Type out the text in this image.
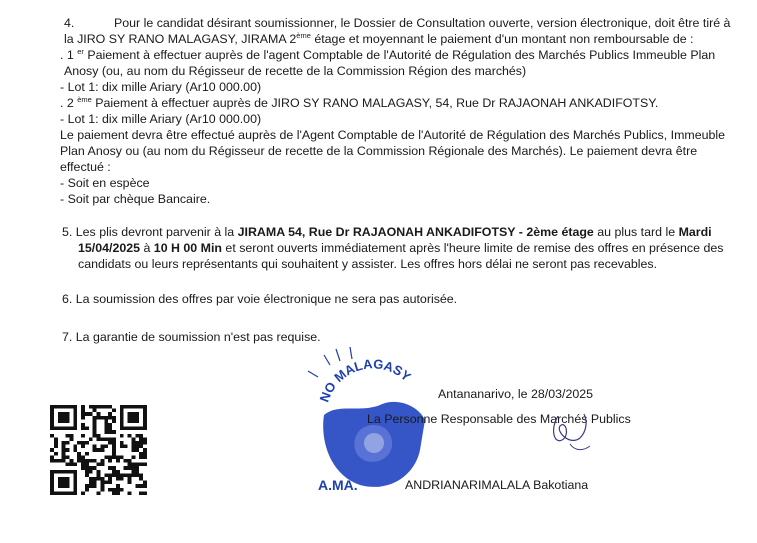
4.	Pour le candidat désirant soumissionner, le Dossier de Consultation ouverte, version électronique, doit être tiré à
la JIRO SY RANO MALAGASY, JIRAMA 2ème étage et moyennant le paiement d'un montant non remboursable de :
. 1 $^{er}$ Paiement à effectuer auprès de l'agent Comptable de l'Autorité de Régulation des Marchés Publics Immeuble Plan
Anosy (ou, au nom du Régisseur de recette de la Commission Région des marchés)
- Lot 1: dix mille Ariary (Ar10 000.00)
. 2 $^{ème}$ Paiement à effectuer auprès de JIRO SY RANO MALAGASY, 54, Rue Dr RAJAONAH ANKADIFOTSY.
- Lot 1: dix mille Ariary (Ar10 000.00)
Le paiement devra être effectué auprès de l'Agent Comptable de l'Autorité de Régulation des Marchés Publics, Immeuble
Plan Anosy ou (au nom du Régisseur de recette de la Commission Régionale des Marchés). Le paiement devra être
effectué :
- Soit en espèce
- Soit par chèque Bancaire.
5. Les plis devront parvenir à la JIRAMA 54, Rue Dr RAJAONAH ANKADIFOTSY - 2ème étage au plus tard le Mardi
15/04/2025 à 10 H 00 Min et seront ouverts immédiatement après l'heure limite de remise des offres en présence des
candidats ou leurs représentants qui souhaitent y assister. Les offres hors délai ne seront pas recevables.
6. La soumission des offres par voie électronique ne sera pas autorisée.
7. La garantie de soumission n'est pas requise.
NO MALAGASY
A.MA.
Antananarivo, le 28/03/2025
La Personne Responsable des Marchés Publics
ANDRIANARIMALALA Bakotiana
